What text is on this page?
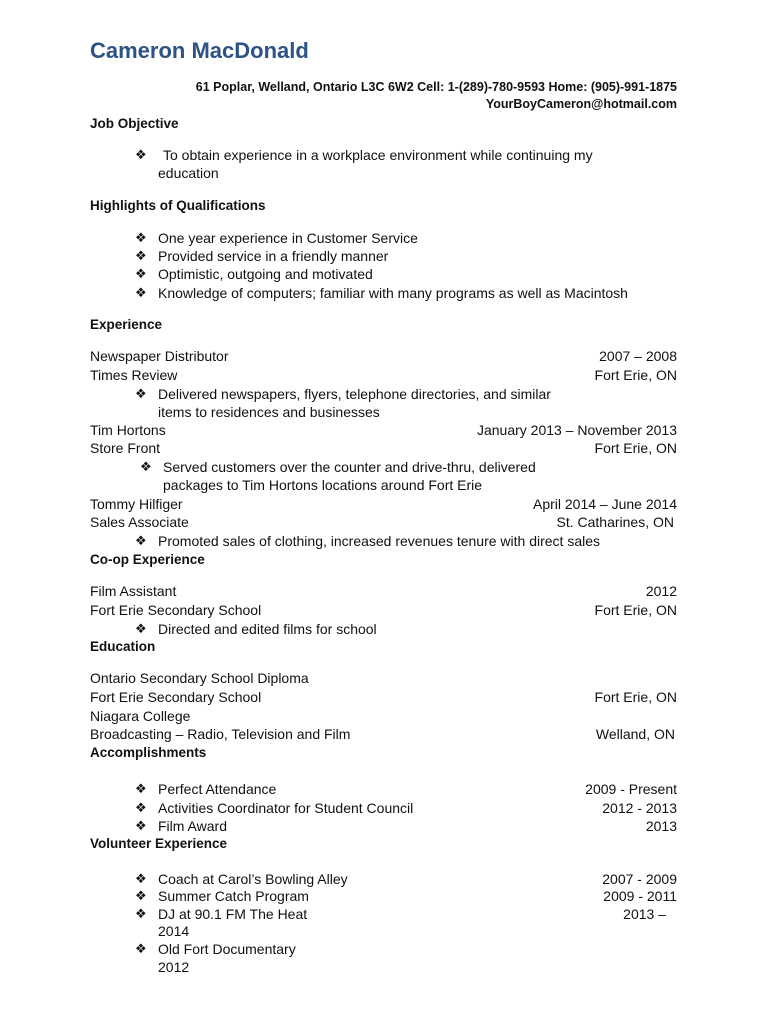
Cameron MacDonald
61 Poplar, Welland, Ontario L3C 6W2 Cell: 1-(289)-780-9593 Home: (905)-991-1875
YourBoyCameron@hotmail.com
Job Objective
❖ To obtain experience in a workplace environment while continuing my
education
Highlights of Qualifications
❖ One year experience in Customer Service
❖ Provided service in a friendly manner
❖ Optimistic, outgoing and motivated
❖ Knowledge of computers; familiar with many programs as well as Macintosh
Experience
Newspaper Distributor	2007 – 2008
Times Review	Fort Erie, ON
❖ Delivered newspapers, flyers, telephone directories, and similar
items to residences and businesses
Tim Hortons	January 2013 – November 2013
Store Front	Fort Erie, ON
❖ Served customers over the counter and drive-thru, delivered
packages to Tim Hortons locations around Fort Erie
Tommy Hilfiger	April 2014 – June 2014
Sales Associate	St. Catharines, ON
❖ Promoted sales of clothing, increased revenues tenure with direct sales
Co-op Experience
Film Assistant	2012
Fort Erie Secondary School	Fort Erie, ON
❖ Directed and edited films for school
Education
Ontario Secondary School Diploma
Fort Erie Secondary School	Fort Erie, ON
Niagara College
Broadcasting – Radio, Television and Film	Welland, ON
Accomplishments
❖ Perfect Attendance	2009 - Present
❖ Activities Coordinator for Student Council	2012 - 2013
❖ Film Award	2013
Volunteer Experience
❖ Coach at Carol’s Bowling Alley	2007 - 2009
❖ Summer Catch Program	2009 - 2011
❖ DJ at 90.1 FM The Heat	2013 –
2014
❖ Old Fort Documentary
2012
